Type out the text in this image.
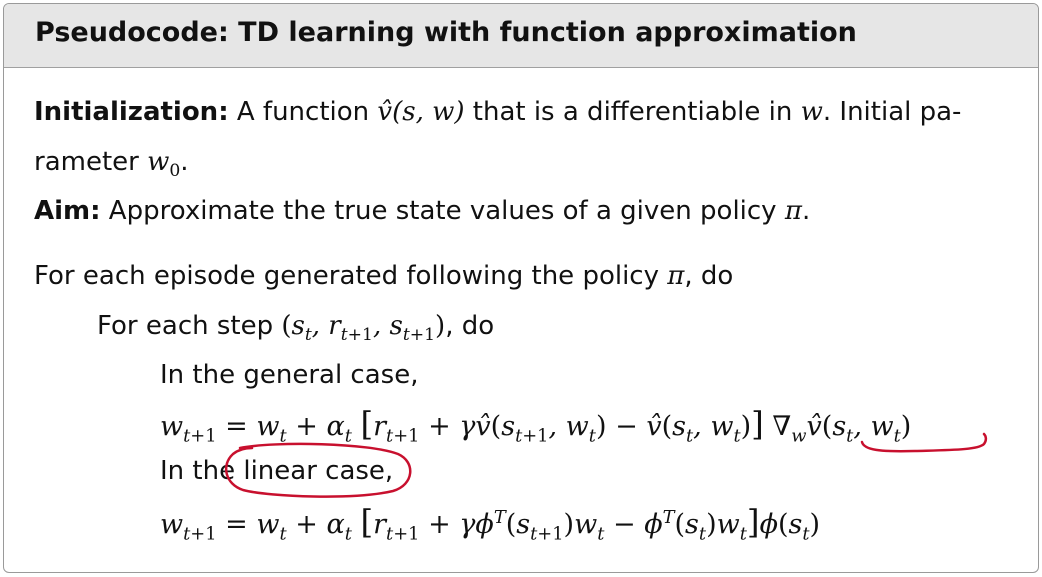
Pseudocode: TD learning with function approximation
Initialization: A function v̂(s, w) that is a differentiable in w. Initial pa-
rameter $w_0$.
Aim: Approximate the true state values of a given policy π.
For each episode generated following the policy π, do
For each step ($s_t$, $r_{t+1}$, $s_{t+1}$), do
In the general case,
$w_{t+1} = w_t + \alpha_t$ [$r_{t+1}$ + $\gamma v̂(s_{t+1}$, $w_t$) − $v̂(s_t$, $w_t$)] $\nabla_wv̂(s_t$, $w_t$)
In the linear case,
$w_{t+1} = w_t + \alpha_t$ $[r_{t+1} + \gamma\phi^T(s_{t+1})w_t - \phi^T(s_t)w_t]\phi(s_t)$
